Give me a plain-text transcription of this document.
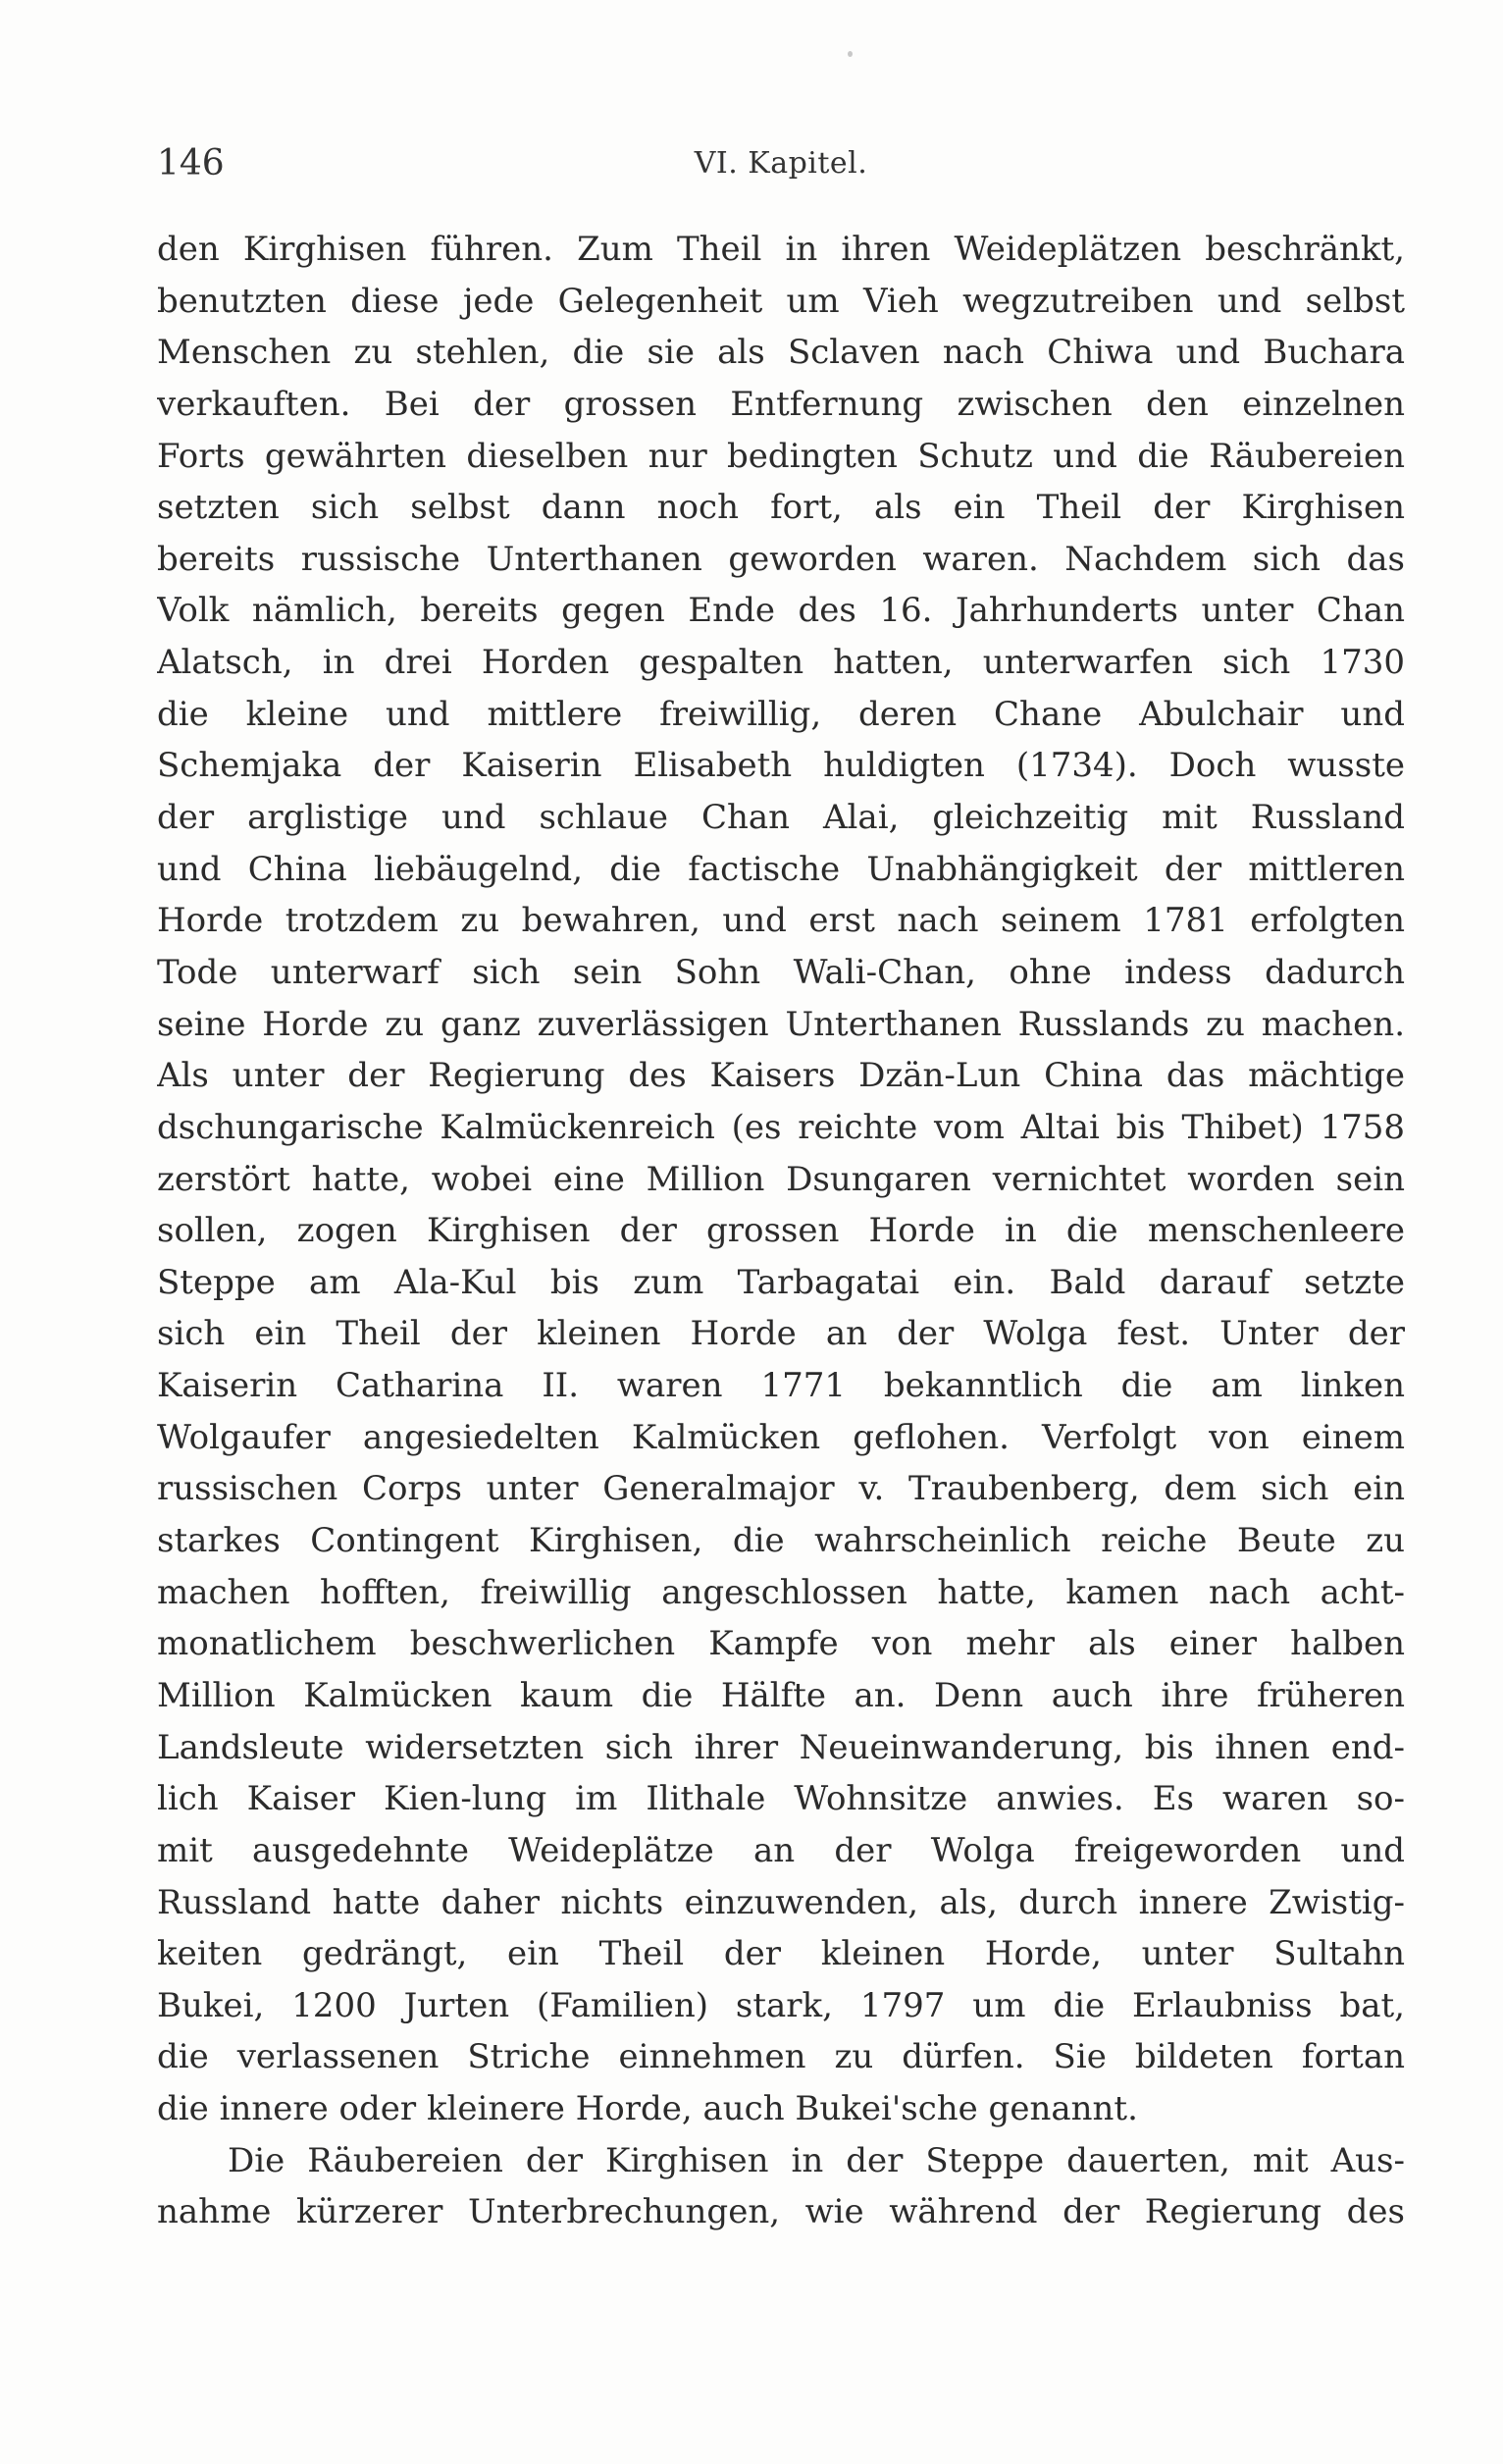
146	VI. Kapitel.
den Kirghisen führen. Zum Theil in ihren Weideplätzen beschränkt,
benutzten diese jede Gelegenheit um Vieh wegzutreiben und selbst
Menschen zu stehlen, die sie als Sclaven nach Chiwa und Buchara
verkauften. Bei der grossen Entfernung zwischen den einzelnen
Forts gewährten dieselben nur bedingten Schutz und die Räubereien
setzten sich selbst dann noch fort, als ein Theil der Kirghisen
bereits russische Unterthanen geworden waren. Nachdem sich das
Volk nämlich, bereits gegen Ende des 16. Jahrhunderts unter Chan
Alatsch, in drei Horden gespalten hatten, unterwarfen sich 1730
die kleine und mittlere freiwillig, deren Chane Abulchair und
Schemjaka der Kaiserin Elisabeth huldigten (1734). Doch wusste
der arglistige und schlaue Chan Alai, gleichzeitig mit Russland
und China liebäugelnd, die factische Unabhängigkeit der mittleren
Horde trotzdem zu bewahren, und erst nach seinem 1781 erfolgten
Tode unterwarf sich sein Sohn Wali-Chan, ohne indess dadurch
seine Horde zu ganz zuverlässigen Unterthanen Russlands zu machen.
Als unter der Regierung des Kaisers Dzän-Lun China das mächtige
dschungarische Kalmückenreich (es reichte vom Altai bis Thibet) 1758
zerstört hatte, wobei eine Million Dsungaren vernichtet worden sein
sollen, zogen Kirghisen der grossen Horde in die menschenleere
Steppe am Ala-Kul bis zum Tarbagatai ein. Bald darauf setzte
sich ein Theil der kleinen Horde an der Wolga fest. Unter der
Kaiserin Catharina II. waren 1771 bekanntlich die am linken
Wolgaufer angesiedelten Kalmücken geflohen. Verfolgt von einem
russischen Corps unter Generalmajor v. Traubenberg, dem sich ein
starkes Contingent Kirghisen, die wahrscheinlich reiche Beute zu
machen hofften, freiwillig angeschlossen hatte, kamen nach acht-
monatlichem beschwerlichen Kampfe von mehr als einer halben
Million Kalmücken kaum die Hälfte an. Denn auch ihre früheren
Landsleute widersetzten sich ihrer Neueinwanderung, bis ihnen end-
lich Kaiser Kien-lung im Ilithale Wohnsitze anwies. Es waren so-
mit ausgedehnte Weideplätze an der Wolga freigeworden und
Russland hatte daher nichts einzuwenden, als, durch innere Zwistig-
keiten gedrängt, ein Theil der kleinen Horde, unter Sultahn
Bukei, 1200 Jurten (Familien) stark, 1797 um die Erlaubniss bat,
die verlassenen Striche einnehmen zu dürfen. Sie bildeten fortan
die innere oder kleinere Horde, auch Bukei'sche genannt.
Die Räubereien der Kirghisen in der Steppe dauerten, mit Aus-
nahme kürzerer Unterbrechungen, wie während der Regierung des
